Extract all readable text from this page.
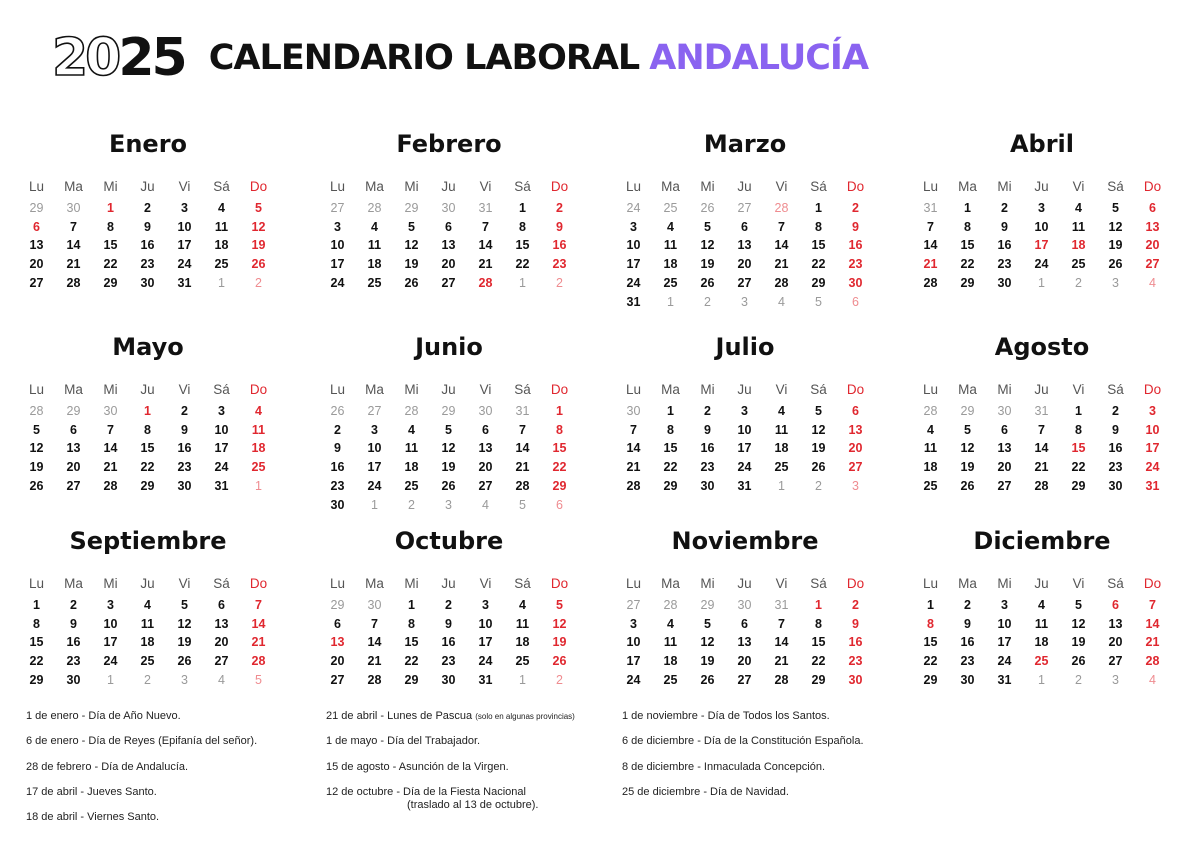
20 25 CALENDARIO LABORAL ANDALUCÍA
Enero
Lu	Ma	Mi	Ju	Vi	Sá	Do
29	30	1	2	3	4	5
6	7	8	9	10	11	12
13	14	15	16	17	18	19
20	21	22	23	24	25	26
27	28	29	30	31	1	2
Febrero
Lu	Ma	Mi	Ju	Vi	Sá	Do
27	28	29	30	31	1	2
3	4	5	6	7	8	9
10	11	12	13	14	15	16
17	18	19	20	21	22	23
24	25	26	27	28	1	2
Marzo
Lu	Ma	Mi	Ju	Vi	Sá	Do
24	25	26	27	28	1	2
3	4	5	6	7	8	9
10	11	12	13	14	15	16
17	18	19	20	21	22	23
24	25	26	27	28	29	30
31	1	2	3	4	5	6
Abril
Lu	Ma	Mi	Ju	Vi	Sá	Do
31	1	2	3	4	5	6
7	8	9	10	11	12	13
14	15	16	17	18	19	20
21	22	23	24	25	26	27
28	29	30	1	2	3	4
Mayo
Lu	Ma	Mi	Ju	Vi	Sá	Do
28	29	30	1	2	3	4
5	6	7	8	9	10	11
12	13	14	15	16	17	18
19	20	21	22	23	24	25
26	27	28	29	30	31	1
Junio
Lu	Ma	Mi	Ju	Vi	Sá	Do
26	27	28	29	30	31	1
2	3	4	5	6	7	8
9	10	11	12	13	14	15
16	17	18	19	20	21	22
23	24	25	26	27	28	29
30	1	2	3	4	5	6
Julio
Lu	Ma	Mi	Ju	Vi	Sá	Do
30	1	2	3	4	5	6
7	8	9	10	11	12	13
14	15	16	17	18	19	20
21	22	23	24	25	26	27
28	29	30	31	1	2	3
Agosto
Lu	Ma	Mi	Ju	Vi	Sá	Do
28	29	30	31	1	2	3
4	5	6	7	8	9	10
11	12	13	14	15	16	17
18	19	20	21	22	23	24
25	26	27	28	29	30	31
Septiembre
Lu	Ma	Mi	Ju	Vi	Sá	Do
1	2	3	4	5	6	7
8	9	10	11	12	13	14
15	16	17	18	19	20	21
22	23	24	25	26	27	28
29	30	1	2	3	4	5
Octubre
Lu	Ma	Mi	Ju	Vi	Sá	Do
29	30	1	2	3	4	5
6	7	8	9	10	11	12
13	14	15	16	17	18	19
20	21	22	23	24	25	26
27	28	29	30	31	1	2
Noviembre
Lu	Ma	Mi	Ju	Vi	Sá	Do
27	28	29	30	31	1	2
3	4	5	6	7	8	9
10	11	12	13	14	15	16
17	18	19	20	21	22	23
24	25	26	27	28	29	30
Diciembre
Lu	Ma	Mi	Ju	Vi	Sá	Do
1	2	3	4	5	6	7
8	9	10	11	12	13	14
15	16	17	18	19	20	21
22	23	24	25	26	27	28
29	30	31	1	2	3	4
1 de enero - Día de Año Nuevo.
6 de enero - Día de Reyes (Epifanía del señor).
28 de febrero - Día de Andalucía.
17 de abril - Jueves Santo.
18 de abril - Viernes Santo.
21 de abril - Lunes de Pascua (solo en algunas provincias)
1 de mayo - Día del Trabajador.
15 de agosto - Asunción de la Virgen.
12 de octubre - Día de la Fiesta Nacional
(traslado al 13 de octubre).
1 de noviembre - Día de Todos los Santos.
6 de diciembre - Día de la Constitución Española.
8 de diciembre - Inmaculada Concepción.
25 de diciembre - Día de Navidad.
